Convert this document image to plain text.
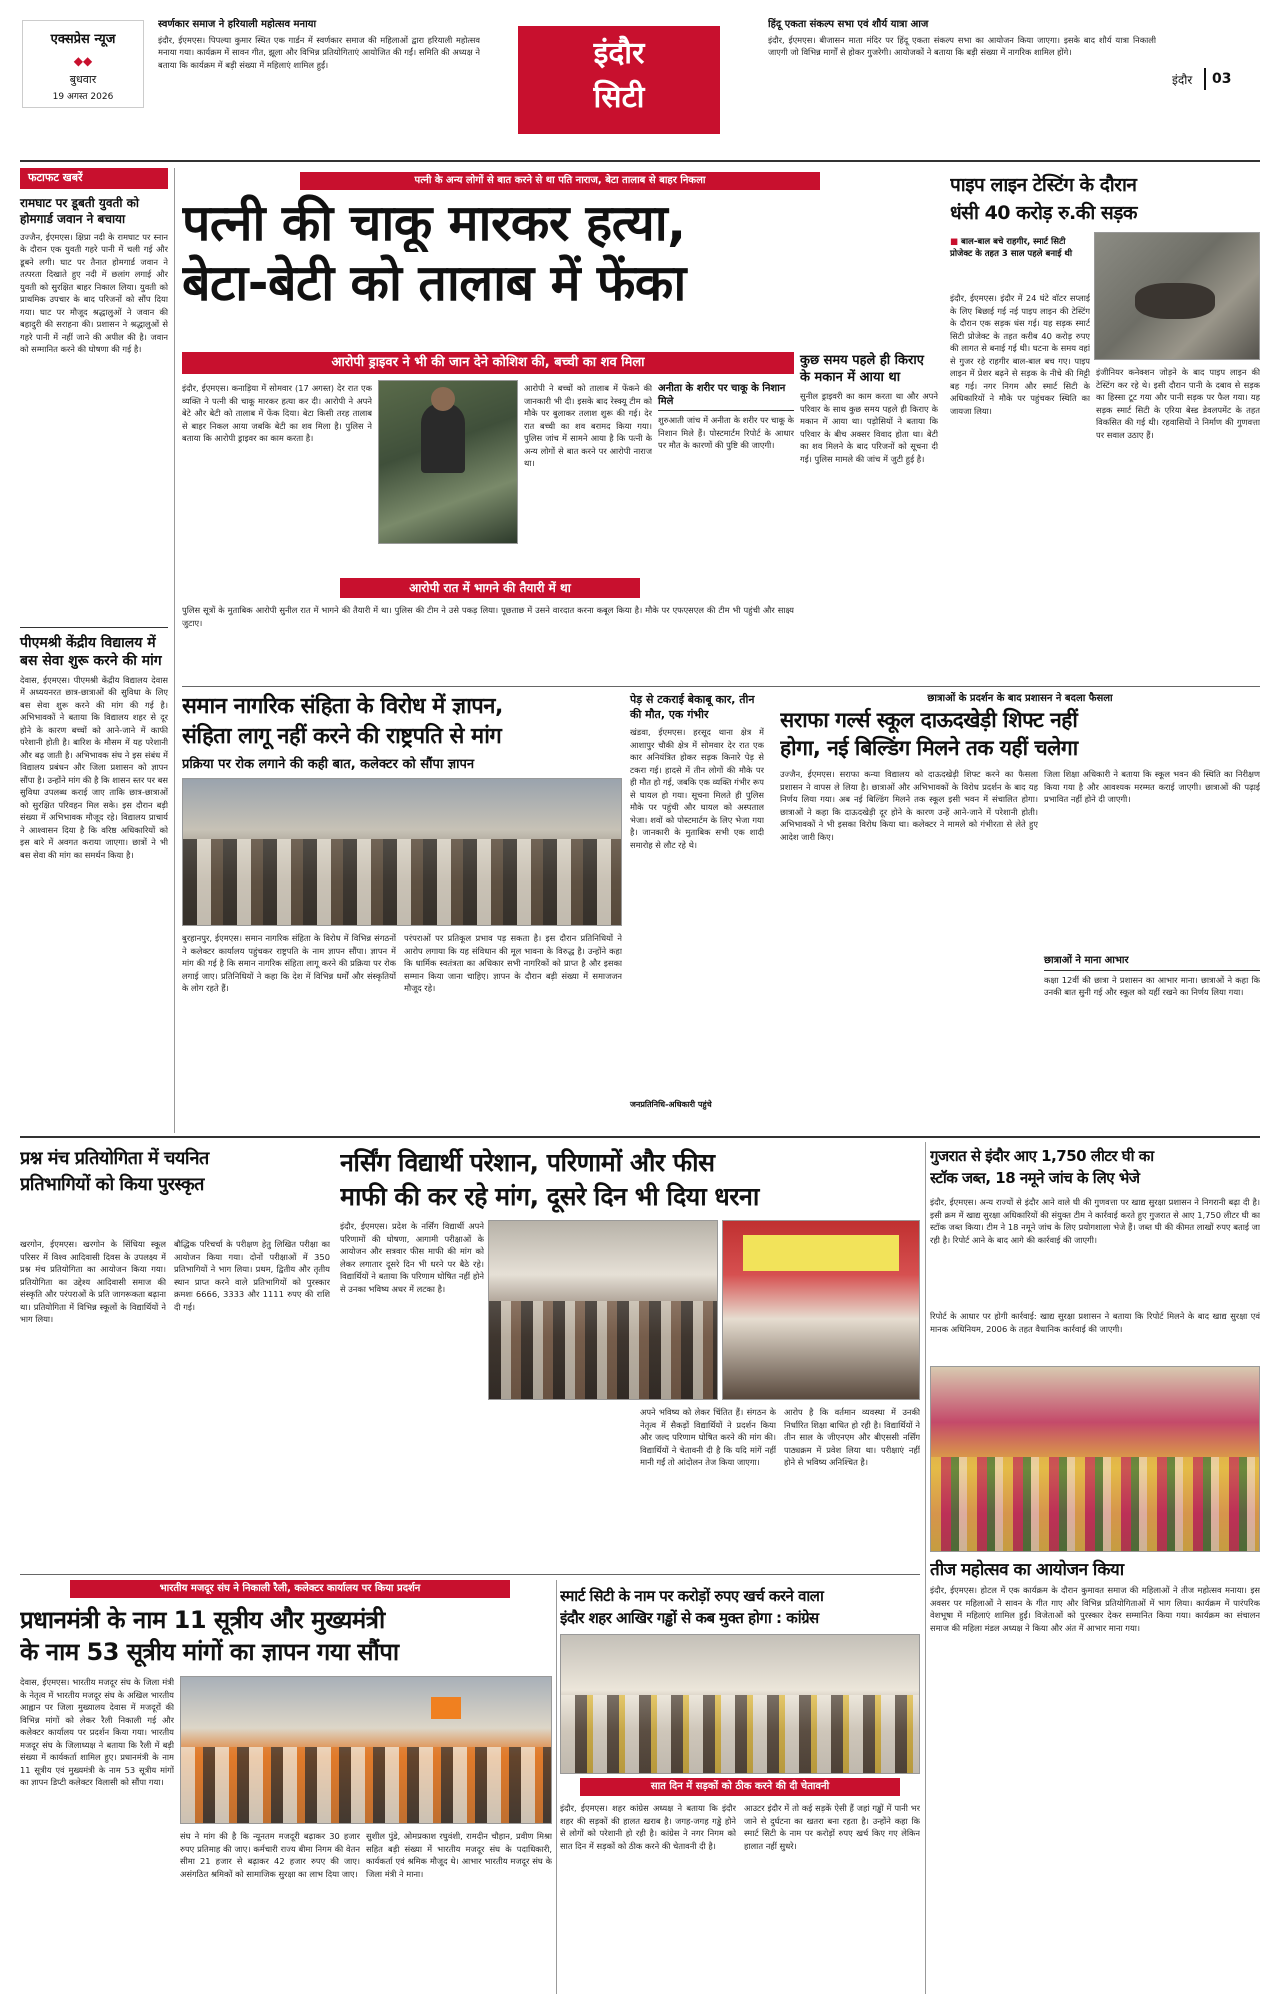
एक्सप्रेस न्यूज
◆◆
बुधवार
19 अगस्त 2026
स्वर्णकार समाज ने हरियाली महोत्सव मनाया
इंदौर, ईएमएस। पिपल्या कुमार स्थित एक गार्डन में स्वर्णकार समाज की महिलाओं द्वारा हरियाली महोत्सव मनाया गया। कार्यक्रम में सावन गीत, झूला और विभिन्न प्रतियोगिताएं आयोजित की गईं। समिति की अध्यक्ष ने बताया कि कार्यक्रम में बड़ी संख्या में महिलाएं शामिल हुईं।	इंदौर
सिटी
हिंदू एकता संकल्प सभा एवं शौर्य यात्रा आज
इंदौर, ईएमएस। बीजासन माता मंदिर पर हिंदू एकता संकल्प सभा का आयोजन किया जाएगा। इसके बाद शौर्य यात्रा निकाली जाएगी जो विभिन्न मार्गों से होकर गुजरेगी। आयोजकों ने बताया कि बड़ी संख्या में नागरिक शामिल होंगे।
इंदौर 03
फटाफट खबरें
रामघाट पर डूबती युवती को होमगार्ड जवान ने बचाया
उज्जैन, ईएमएस। क्षिप्रा नदी के रामघाट पर स्नान के दौरान एक युवती गहरे पानी में चली गई और डूबने लगी। घाट पर तैनात होमगार्ड जवान ने तत्परता दिखाते हुए नदी में छलांग लगाई और युवती को सुरक्षित बाहर निकाल लिया। युवती को प्राथमिक उपचार के बाद परिजनों को सौंप दिया गया। घाट पर मौजूद श्रद्धालुओं ने जवान की बहादुरी की सराहना की। प्रशासन ने श्रद्धालुओं से गहरे पानी में नहीं जाने की अपील की है। जवान को सम्मानित करने की घोषणा की गई है।
पीएमश्री केंद्रीय विद्यालय में बस सेवा शुरू करने की मांग
देवास, ईएमएस। पीएमश्री केंद्रीय विद्यालय देवास में अध्ययनरत छात्र-छात्राओं की सुविधा के लिए बस सेवा शुरू करने की मांग की गई है। अभिभावकों ने बताया कि विद्यालय शहर से दूर होने के कारण बच्चों को आने-जाने में काफी परेशानी होती है। बारिश के मौसम में यह परेशानी और बढ़ जाती है। अभिभावक संघ ने इस संबंध में विद्यालय प्रबंधन और जिला प्रशासन को ज्ञापन सौंपा है। उन्होंने मांग की है कि शासन स्तर पर बस सुविधा उपलब्ध कराई जाए ताकि छात्र-छात्राओं को सुरक्षित परिवहन मिल सके। इस दौरान बड़ी संख्या में अभिभावक मौजूद रहे। विद्यालय प्राचार्य ने आश्वासन दिया है कि वरिष्ठ अधिकारियों को इस बारे में अवगत कराया जाएगा। छात्रों ने भी बस सेवा की मांग का समर्थन किया है।
पत्नी के अन्य लोगों से बात करने से था पति नाराज, बेटा तालाब से बाहर निकला
पत्नी की चाकू मारकर हत्या,
बेटा-बेटी को तालाब में फेंका
आरोपी ड्राइवर ने भी की जान देने कोशिश की, बच्ची का शव मिला
इंदौर, ईएमएस। कनाड़िया में सोमवार (17 अगस्त) देर रात एक व्यक्ति ने पत्नी की चाकू मारकर हत्या कर दी। आरोपी ने अपने बेटे और बेटी को तालाब में फेंक दिया। बेटा किसी तरह तालाब से बाहर निकल आया जबकि बेटी का शव मिला है। पुलिस ने बताया कि आरोपी ड्राइवर का काम करता है।
आरोपी ने बच्चों को तालाब में फेंकने की जानकारी भी दी। इसके बाद रेस्क्यू टीम को मौके पर बुलाकर तलाश शुरू की गई। देर रात बच्ची का शव बरामद किया गया। पुलिस जांच में सामने आया है कि पत्नी के अन्य लोगों से बात करने पर आरोपी नाराज था।
अनीता के शरीर पर चाकू के निशान मिले
शुरुआती जांच में अनीता के शरीर पर चाकू के निशान मिले हैं। पोस्टमार्टम रिपोर्ट के आधार पर मौत के कारणों की पुष्टि की जाएगी।
कुछ समय पहले ही किराए के मकान में आया था
सुनील ड्राइवरी का काम करता था और अपने परिवार के साथ कुछ समय पहले ही किराए के मकान में आया था। पड़ोसियों ने बताया कि परिवार के बीच अक्सर विवाद होता था। बेटी का शव मिलने के बाद परिजनों को सूचना दी गई। पुलिस मामले की जांच में जुटी हुई है।
आरोपी रात में भागने की तैयारी में था
पुलिस सूत्रों के मुताबिक आरोपी सुनील रात में भागने की तैयारी में था। पुलिस की टीम ने उसे पकड़ लिया। पूछताछ में उसने वारदात करना कबूल किया है। मौके पर एफएसएल की टीम भी पहुंची और साक्ष्य जुटाए।
पाइप लाइन टेस्टिंग के दौरान
धंसी 40 करोड़ रु.की सड़क
■ बाल-बाल बचे राहगीर, स्मार्ट सिटी प्रोजेक्ट के तहत 3 साल पहले बनाई थी
इंदौर, ईएमएस। इंदौर में 24 घंटे वॉटर सप्लाई के लिए बिछाई गई नई पाइप लाइन की टेस्टिंग के दौरान एक सड़क धंस गई। यह सड़क स्मार्ट सिटी प्रोजेक्ट के तहत करीब 40 करोड़ रुपए की लागत से बनाई गई थी। घटना के समय वहां से गुजर रहे राहगीर बाल-बाल बच गए। पाइप लाइन में प्रेशर बढ़ने से सड़क के नीचे की मिट्टी बह गई। नगर निगम और स्मार्ट सिटी के अधिकारियों ने मौके पर पहुंचकर स्थिति का जायजा लिया।
इंजीनियर कनेक्शन जोड़ने के बाद पाइप लाइन की टेस्टिंग कर रहे थे। इसी दौरान पानी के दबाव से सड़क का हिस्सा टूट गया और पानी सड़क पर फैल गया। यह सड़क स्मार्ट सिटी के एरिया बेस्ड डेवलपमेंट के तहत विकसित की गई थी। रहवासियों ने निर्माण की गुणवत्ता पर सवाल उठाए हैं।
समान नागरिक संहिता के विरोध में ज्ञापन,
संहिता लागू नहीं करने की राष्ट्रपति से मांग
प्रक्रिया पर रोक लगाने की कही बात, कलेक्टर को सौंपा ज्ञापन
बुरहानपुर, ईएमएस। समान नागरिक संहिता के विरोध में विभिन्न संगठनों ने कलेक्टर कार्यालय पहुंचकर राष्ट्रपति के नाम ज्ञापन सौंपा। ज्ञापन में मांग की गई है कि समान नागरिक संहिता लागू करने की प्रक्रिया पर रोक लगाई जाए। प्रतिनिधियों ने कहा कि देश में विभिन्न धर्मों और संस्कृतियों के लोग रहते हैं।
परंपराओं पर प्रतिकूल प्रभाव पड़ सकता है। इस दौरान प्रतिनिधियों ने आरोप लगाया कि यह संविधान की मूल भावना के विरुद्ध है। उन्होंने कहा कि धार्मिक स्वतंत्रता का अधिकार सभी नागरिकों को प्राप्त है और इसका सम्मान किया जाना चाहिए। ज्ञापन के दौरान बड़ी संख्या में समाजजन मौजूद रहे।
पेड़ से टकराई बेकाबू कार, तीन की मौत, एक गंभीर
खंडवा, ईएमएस। हरसूद थाना क्षेत्र में आशापुर चौकी क्षेत्र में सोमवार देर रात एक कार अनियंत्रित होकर सड़क किनारे पेड़ से टकरा गई। हादसे में तीन लोगों की मौके पर ही मौत हो गई, जबकि एक व्यक्ति गंभीर रूप से घायल हो गया। सूचना मिलते ही पुलिस मौके पर पहुंची और घायल को अस्पताल भेजा। शवों को पोस्टमार्टम के लिए भेजा गया है। जानकारी के मुताबिक सभी एक शादी समारोह से लौट रहे थे।
जनप्रतिनिधि-अधिकारी पहुंचे
छात्राओं के प्रदर्शन के बाद प्रशासन ने बदला फैसला
सराफा गर्ल्स स्कूल दाऊदखेड़ी शिफ्ट नहीं
होगा, नई बिल्डिंग मिलने तक यहीं चलेगा
उज्जैन, ईएमएस। सराफा कन्या विद्यालय को दाऊदखेड़ी शिफ्ट करने का फैसला प्रशासन ने वापस ले लिया है। छात्राओं और अभिभावकों के विरोध प्रदर्शन के बाद यह निर्णय लिया गया। अब नई बिल्डिंग मिलने तक स्कूल इसी भवन में संचालित होगा। छात्राओं ने कहा कि दाऊदखेड़ी दूर होने के कारण उन्हें आने-जाने में परेशानी होती। अभिभावकों ने भी इसका विरोध किया था। कलेक्टर ने मामले को गंभीरता से लेते हुए आदेश जारी किए।
जिला शिक्षा अधिकारी ने बताया कि स्कूल भवन की स्थिति का निरीक्षण किया गया है और आवश्यक मरम्मत कराई जाएगी। छात्राओं की पढ़ाई प्रभावित नहीं होने दी जाएगी।
छात्राओं ने माना आभार
कक्षा 12वीं की छात्रा ने प्रशासन का आभार माना। छात्राओं ने कहा कि उनकी बात सुनी गई और स्कूल को यहीं रखने का निर्णय लिया गया।
प्रश्न मंच प्रतियोगिता में चयनित
प्रतिभागियों को किया पुरस्कृत
खरगोन, ईएमएस। खरगोन के सिंधिया स्कूल परिसर में विश्व आदिवासी दिवस के उपलक्ष्य में प्रश्न मंच प्रतियोगिता का आयोजन किया गया। प्रतियोगिता का उद्देश्य आदिवासी समाज की संस्कृति और परंपराओं के प्रति जागरूकता बढ़ाना था। प्रतियोगिता में विभिन्न स्कूलों के विद्यार्थियों ने भाग लिया।
बौद्धिक परिचर्चा के परीक्षण हेतु लिखित परीक्षा का आयोजन किया गया। दोनों परीक्षाओं में 350 प्रतिभागियों ने भाग लिया। प्रथम, द्वितीय और तृतीय स्थान प्राप्त करने वाले प्रतिभागियों को पुरस्कार क्रमशः 6666, 3333 और 1111 रुपए की राशि दी गई।
नर्सिंग विद्यार्थी परेशान, परिणामों और फीस
माफी की कर रहे मांग, दूसरे दिन भी दिया धरना
इंदौर, ईएमएस। प्रदेश के नर्सिंग विद्यार्थी अपने परिणामों की घोषणा, आगामी परीक्षाओं के आयोजन और सत्रवार फीस माफी की मांग को लेकर लगातार दूसरे दिन भी धरने पर बैठे रहे। विद्यार्थियों ने बताया कि परिणाम घोषित नहीं होने से उनका भविष्य अधर में लटका है।
अपने भविष्य को लेकर चिंतित हैं। संगठन के नेतृत्व में सैकड़ों विद्यार्थियों ने प्रदर्शन किया और जल्द परिणाम घोषित करने की मांग की। विद्यार्थियों ने चेतावनी दी है कि यदि मांगें नहीं मानी गईं तो आंदोलन तेज किया जाएगा।
आरोप है कि वर्तमान व्यवस्था में उनकी निर्धारित शिक्षा बाधित हो रही है। विद्यार्थियों ने तीन साल के जीएनएम और बीएससी नर्सिंग पाठ्यक्रम में प्रवेश लिया था। परीक्षाएं नहीं होने से भविष्य अनिश्चित है।
गुजरात से इंदौर आए 1,750 लीटर घी का
स्टॉक जब्त, 18 नमूने जांच के लिए भेजे
इंदौर, ईएमएस। अन्य राज्यों से इंदौर आने वाले घी की गुणवत्ता पर खाद्य सुरक्षा प्रशासन ने निगरानी बढ़ा दी है। इसी क्रम में खाद्य सुरक्षा अधिकारियों की संयुक्त टीम ने कार्रवाई करते हुए गुजरात से आए 1,750 लीटर घी का स्टॉक जब्त किया। टीम ने 18 नमूने जांच के लिए प्रयोगशाला भेजे हैं। जब्त घी की कीमत लाखों रुपए बताई जा रही है। रिपोर्ट आने के बाद आगे की कार्रवाई की जाएगी।
रिपोर्ट के आधार पर होगी कार्रवाई: खाद्य सुरक्षा प्रशासन ने बताया कि रिपोर्ट मिलने के बाद खाद्य सुरक्षा एवं मानक अधिनियम, 2006 के तहत वैधानिक कार्रवाई की जाएगी।
तीज महोत्सव का आयोजन किया
इंदौर, ईएमएस। होटल में एक कार्यक्रम के दौरान कुमावत समाज की महिलाओं ने तीज महोत्सव मनाया। इस अवसर पर महिलाओं ने सावन के गीत गाए और विभिन्न प्रतियोगिताओं में भाग लिया। कार्यक्रम में पारंपरिक वेशभूषा में महिलाएं शामिल हुईं। विजेताओं को पुरस्कार देकर सम्मानित किया गया। कार्यक्रम का संचालन समाज की महिला मंडल अध्यक्ष ने किया और अंत में आभार माना गया।
भारतीय मजदूर संघ ने निकाली रैली, कलेक्टर कार्यालय पर किया प्रदर्शन
प्रधानमंत्री के नाम 11 सूत्रीय और मुख्यमंत्री
के नाम 53 सूत्रीय मांगों का ज्ञापन गया सौंपा
देवास, ईएमएस। भारतीय मजदूर संघ के जिला मंत्री के नेतृत्व में भारतीय मजदूर संघ के अखिल भारतीय आह्वान पर जिला मुख्यालय देवास में मजदूरों की विभिन्न मांगों को लेकर रैली निकाली गई और कलेक्टर कार्यालय पर प्रदर्शन किया गया। भारतीय मजदूर संघ के जिलाध्यक्ष ने बताया कि रैली में बड़ी संख्या में कार्यकर्ता शामिल हुए। प्रधानमंत्री के नाम 11 सूत्रीय एवं मुख्यमंत्री के नाम 53 सूत्रीय मांगों का ज्ञापन डिप्टी कलेक्टर विलासी को सौंपा गया।
संघ ने मांग की है कि न्यूनतम मजदूरी बढ़ाकर 30 हजार रुपए प्रतिमाह की जाए। कर्मचारी राज्य बीमा निगम की वेतन सीमा 21 हजार से बढ़ाकर 42 हजार रुपए की जाए। असंगठित श्रमिकों को सामाजिक सुरक्षा का लाभ दिया जाए।
सुशील पुंडे, ओमप्रकाश रघुवंशी, रामदीन चौहान, प्रवीण मिश्रा सहित बड़ी संख्या में भारतीय मजदूर संघ के पदाधिकारी, कार्यकर्ता एवं श्रमिक मौजूद थे। आभार भारतीय मजदूर संघ के जिला मंत्री ने माना।
स्मार्ट सिटी के नाम पर करोड़ों रुपए खर्च करने वाला
इंदौर शहर आखिर गड्ढों से कब मुक्त होगा : कांग्रेस
सात दिन में सड़कों को ठीक करने की दी चेतावनी
इंदौर, ईएमएस। शहर कांग्रेस अध्यक्ष ने बताया कि इंदौर शहर की सड़कों की हालत खराब है। जगह-जगह गड्ढे होने से लोगों को परेशानी हो रही है। कांग्रेस ने नगर निगम को सात दिन में सड़कों को ठीक करने की चेतावनी दी है।
आउटर इंदौर में तो कई सड़कें ऐसी हैं जहां गड्ढों में पानी भर जाने से दुर्घटना का खतरा बना रहता है। उन्होंने कहा कि स्मार्ट सिटी के नाम पर करोड़ों रुपए खर्च किए गए लेकिन हालात नहीं सुधरे।
